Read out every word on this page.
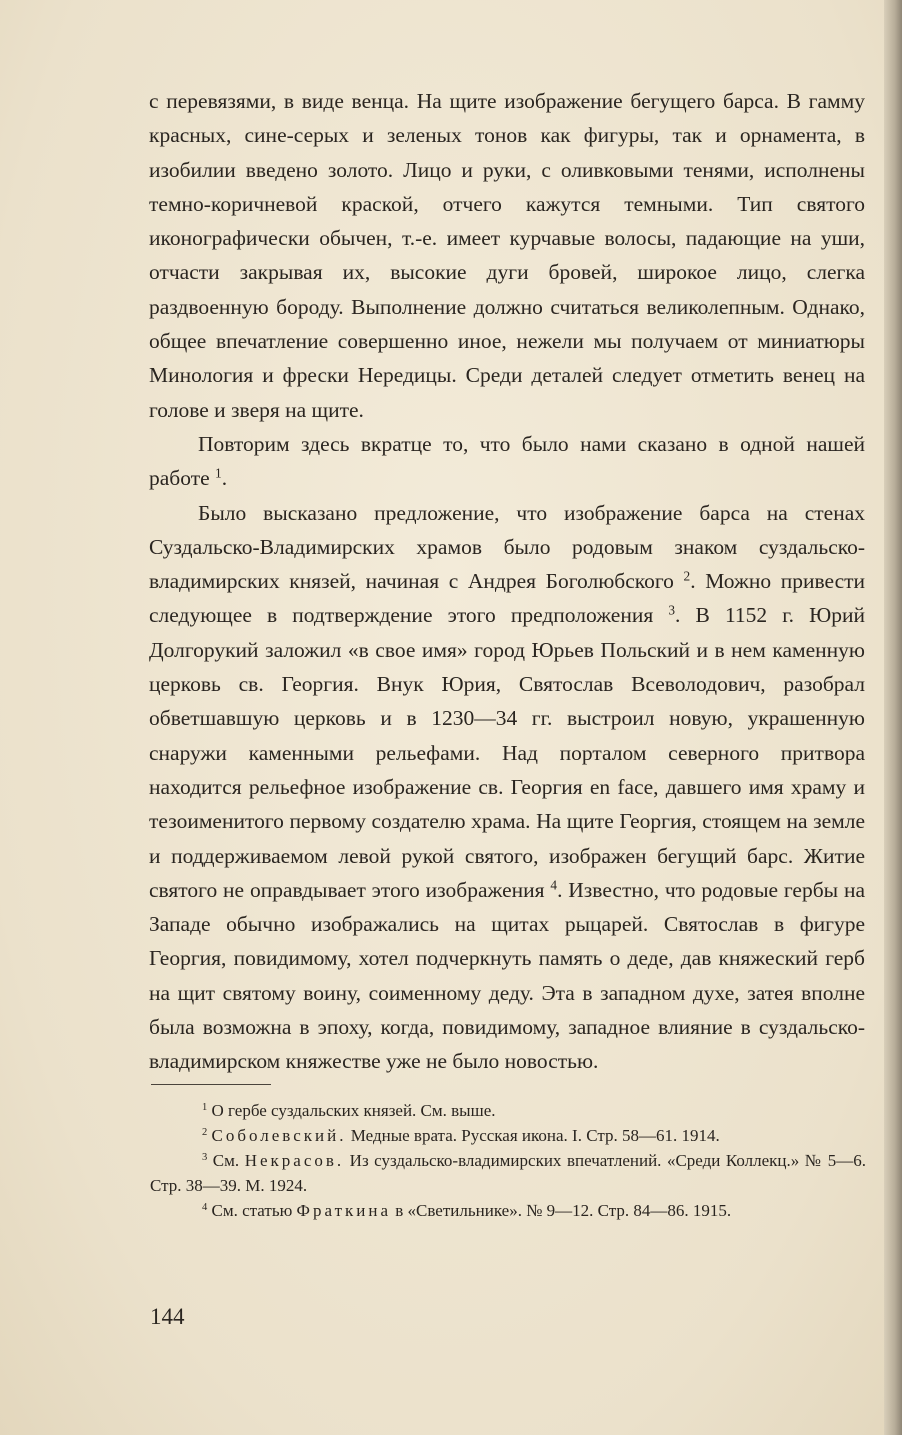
с перевязями, в виде венца. На щите изображение бегущего барса. В гамму красных, сине-серых и зеленых тонов как фигуры, так и орнамента, в изобилии введено золото. Лицо и руки, с оливковыми тенями, исполнены темно-коричневой краской, отчего кажутся темными. Тип святого иконографически обычен, т.-е. имеет курчавые волосы, падающие на уши, отчасти закрывая их, высокие дуги бровей, широкое лицо, слегка раздвоенную бороду. Выполнение должно считаться великолепным. Однако, общее впечатление совершенно иное, нежели мы получаем от миниатюры Минология и фрески Нередицы. Среди деталей следует отметить венец на голове и зверя на щите.

Повторим здесь вкратце то, что было нами сказано в одной нашей работе $^1$.

Было высказано предложение, что изображение барса на стенах Суздальско-Владимирских храмов было родовым знаком суздальско-владимирских князей, начиная с Андрея Боголюбского $^2$. Можно привести следующее в подтверждение этого предположения $^3$. В 1152 г. Юрий Долгорукий заложил «в свое имя» город Юрьев Польский и в нем каменную церковь св. Георгия. Внук Юрия, Святослав Всеволодович, разобрал обветшавшую церковь и в 1230—34 гг. выстроил новую, украшенную снаружи каменными рельефами. Над порталом северного притвора находится рельефное изображение св. Георгия en face, давшего имя храму и тезоименитого первому создателю храма. На щите Георгия, стоящем на земле и поддерживаемом левой рукой святого, изображен бегущий барс. Житие святого не оправдывает этого изображения $^4$. Известно, что родовые гербы на Западе обычно изображались на щитах рыцарей. Святослав в фигуре Георгия, повидимому, хотел подчеркнуть память о деде, дав княжеский герб на щит святому воину, соименному деду. Эта в западном духе, затея вполне была возможна в эпоху, когда, повидимому, западное влияние в суздальско-владимирском княжестве уже не было новостью.

$^1$ О гербе суздальских князей. См. выше.

$^2$ Соболевский. Медные врата. Русская икона. I. Стр. 58—61. 1914.

$^3$ См. Некрасов. Из суздальско-владимирских впечатлений. «Среди Коллекц.» № 5—6. Стр. 38—39. М. 1924.

$^4$ См. статью Фраткина в «Светильнике». № 9—12. Стр. 84—86. 1915.

144
